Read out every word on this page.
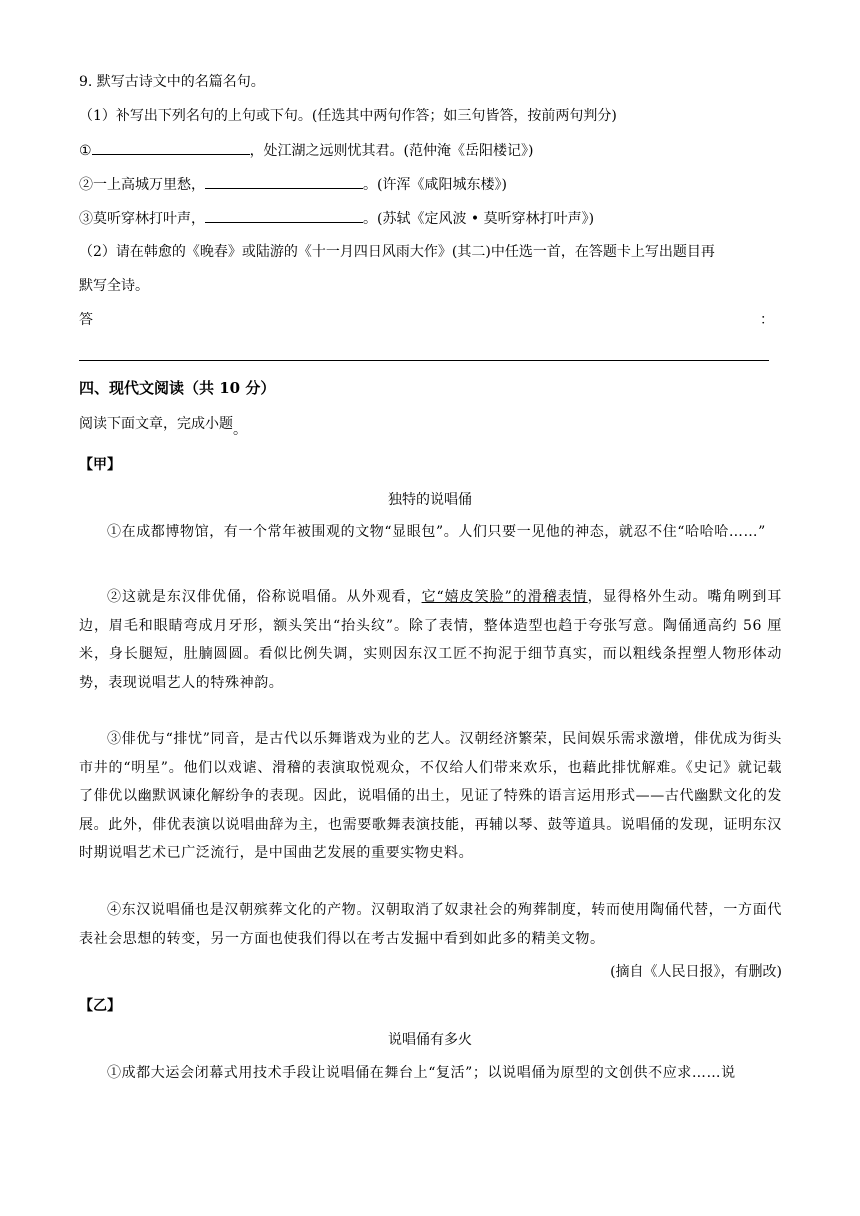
9. 默写古诗文中的名篇名句。
（1）补写出下列名句的上句或下句。(任选其中两句作答；如三句皆答，按前两句判分)
①	，处江湖之远则忧其君。(范仲淹《岳阳楼记》)
②一上高城万里愁，	。(许浑《咸阳城东楼》)
③莫听穿林打叶声，	。(苏轼《定风波 • 莫听穿林打叶声》)
（2）请在韩愈的《晚春》或陆游的《十一月四日风雨大作》(其二)中任选一首，在答题卡上写出题目再
默写全诗。
答	：
四、现代文阅读（共 10 分）
阅读下面文章，完成小题。
【甲】
独特的说唱俑
①在成都博物馆，有一个常年被围观的文物“显眼包”。人们只要一见他的神态，就忍不住“哈哈哈……”
②这就是东汉俳优俑，俗称说唱俑。从外观看，它“嬉皮笑脸”的滑稽表情，显得格外生动。嘴角咧到耳边，眉毛和眼睛弯成月牙形，额头笑出“抬头纹”。除了表情，整体造型也趋于夸张写意。陶俑通高约 56 厘米，身长腿短，肚腩圆圆。看似比例失调，实则因东汉工匠不拘泥于细节真实，而以粗线条捏塑人物形体动势，表现说唱艺人的特殊神韵。
③俳优与“排忧”同音，是古代以乐舞谐戏为业的艺人。汉朝经济繁荣，民间娱乐需求激增，俳优成为街头市井的“明星”。他们以戏谑、滑稽的表演取悦观众，不仅给人们带来欢乐，也藉此排忧解难。《史记》就记载了俳优以幽默讽谏化解纷争的表现。因此，说唱俑的出土，见证了特殊的语言运用形式——古代幽默文化的发展。此外，俳优表演以说唱曲辞为主，也需要歌舞表演技能，再辅以琴、鼓等道具。说唱俑的发现，证明东汉时期说唱艺术已广泛流行，是中国曲艺发展的重要实物史料。
④东汉说唱俑也是汉朝殡葬文化的产物。汉朝取消了奴隶社会的殉葬制度，转而使用陶俑代替，一方面代表社会思想的转变，另一方面也使我们得以在考古发掘中看到如此多的精美文物。
(摘自《人民日报》，有删改)
【乙】
说唱俑有多火
①成都大运会闭幕式用技术手段让说唱俑在舞台上“复活”；以说唱俑为原型的文创供不应求……说
